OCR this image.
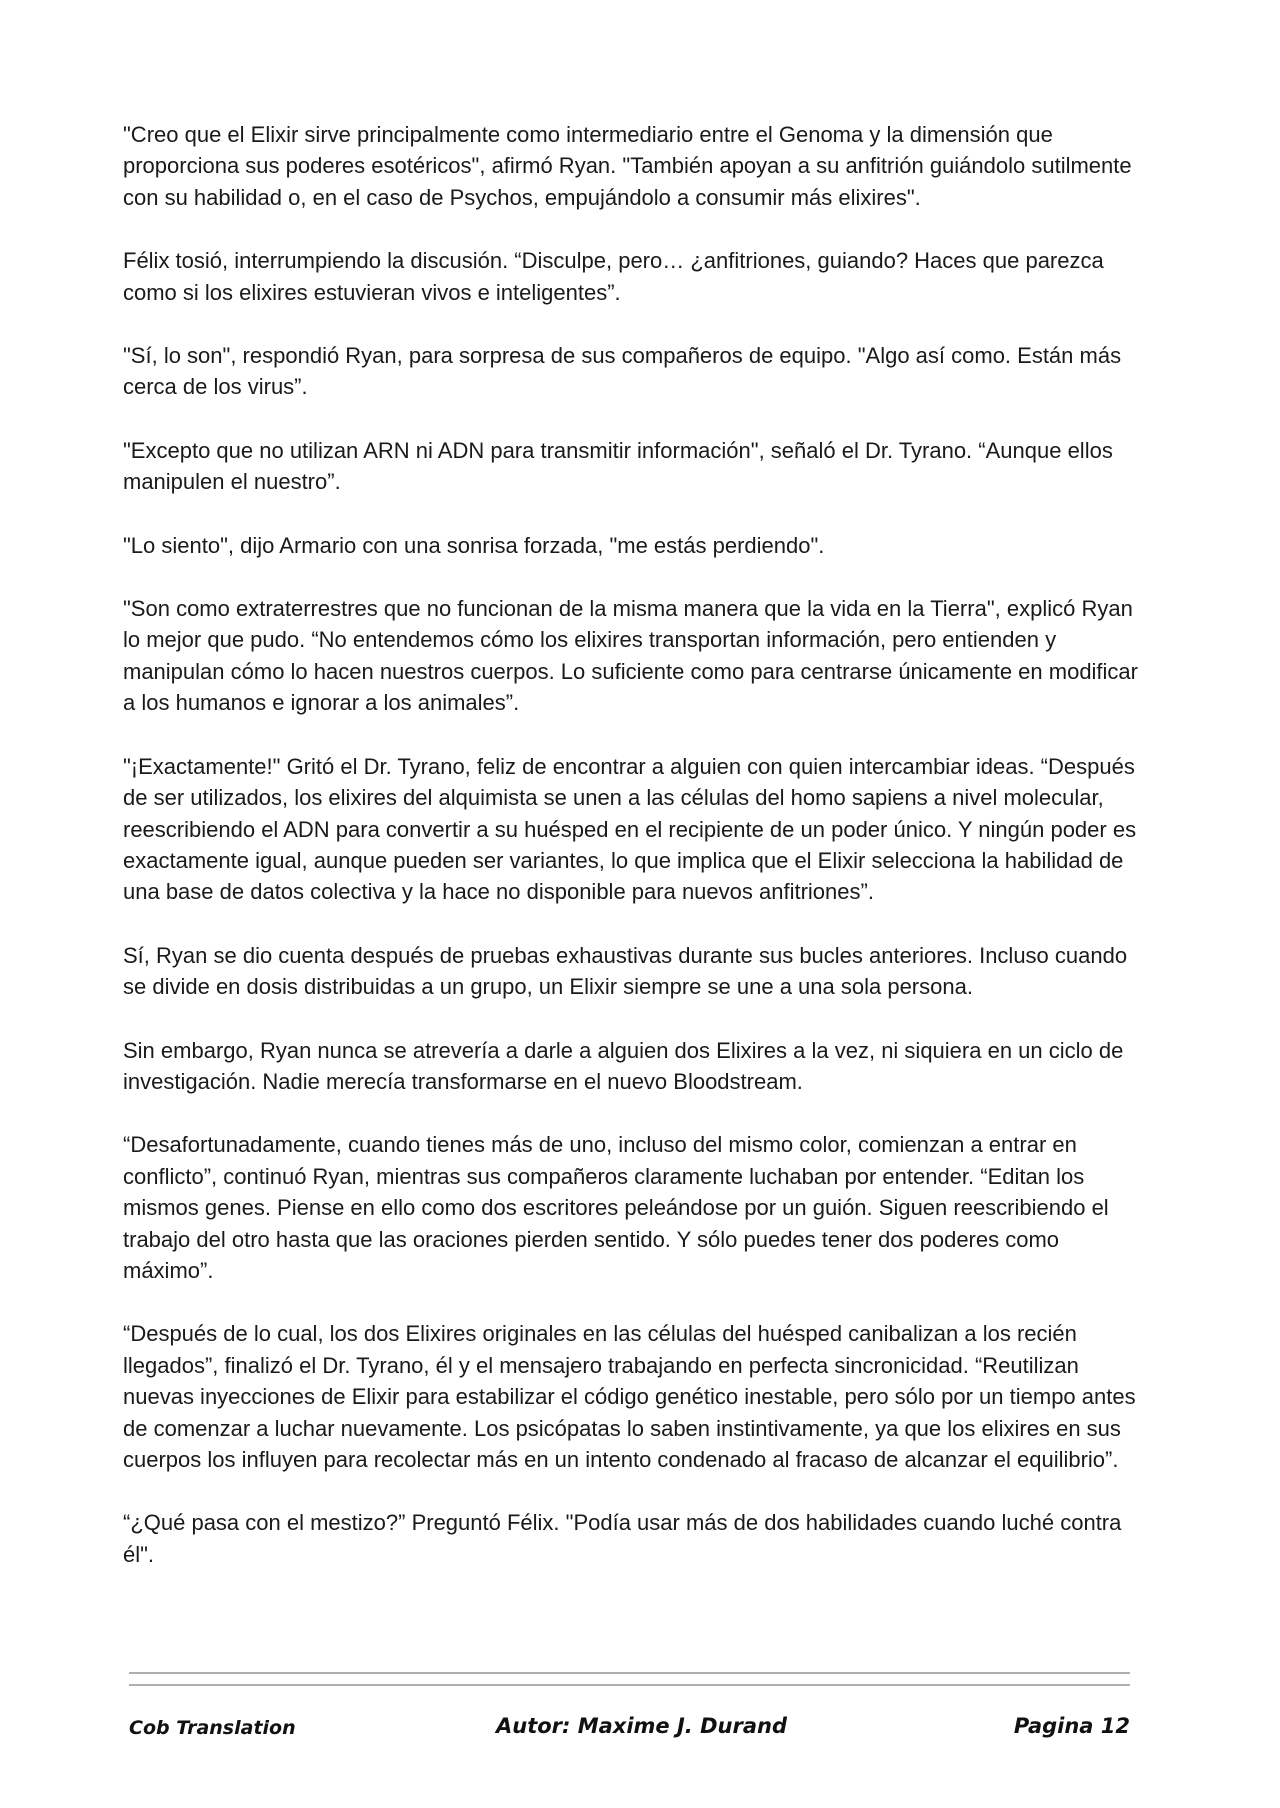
"Creo que el Elixir sirve principalmente como intermediario entre el Genoma y la dimensión que proporciona sus poderes esotéricos", afirmó Ryan. "También apoyan a su anfitrión guiándolo sutilmente con su habilidad o, en el caso de Psychos, empujándolo a consumir más elixires".

Félix tosió, interrumpiendo la discusión. “Disculpe, pero… ¿anfitriones, guiando? Haces que parezca como si los elixires estuvieran vivos e inteligentes”.

"Sí, lo son", respondió Ryan, para sorpresa de sus compañeros de equipo. "Algo así como. Están más cerca de los virus”.

"Excepto que no utilizan ARN ni ADN para transmitir información", señaló el Dr. Tyrano. “Aunque ellos manipulen el nuestro”.

"Lo siento", dijo Armario con una sonrisa forzada, "me estás perdiendo".

"Son como extraterrestres que no funcionan de la misma manera que la vida en la Tierra", explicó Ryan lo mejor que pudo. “No entendemos cómo los elixires transportan información, pero entienden y manipulan cómo lo hacen nuestros cuerpos. Lo suficiente como para centrarse únicamente en modificar a los humanos e ignorar a los animales”.

"¡Exactamente!" Gritó el Dr. Tyrano, feliz de encontrar a alguien con quien intercambiar ideas. “Después de ser utilizados, los elixires del alquimista se unen a las células del homo sapiens a nivel molecular, reescribiendo el ADN para convertir a su huésped en el recipiente de un poder único. Y ningún poder es exactamente igual, aunque pueden ser variantes, lo que implica que el Elixir selecciona la habilidad de una base de datos colectiva y la hace no disponible para nuevos anfitriones”.

Sí, Ryan se dio cuenta después de pruebas exhaustivas durante sus bucles anteriores. Incluso cuando se divide en dosis distribuidas a un grupo, un Elixir siempre se une a una sola persona.

Sin embargo, Ryan nunca se atrevería a darle a alguien dos Elixires a la vez, ni siquiera en un ciclo de investigación. Nadie merecía transformarse en el nuevo Bloodstream.

“Desafortunadamente, cuando tienes más de uno, incluso del mismo color, comienzan a entrar en conflicto”, continuó Ryan, mientras sus compañeros claramente luchaban por entender. “Editan los mismos genes. Piense en ello como dos escritores peleándose por un guión. Siguen reescribiendo el trabajo del otro hasta que las oraciones pierden sentido. Y sólo puedes tener dos poderes como máximo”.

“Después de lo cual, los dos Elixires originales en las células del huésped canibalizan a los recién llegados”, finalizó el Dr. Tyrano, él y el mensajero trabajando en perfecta sincronicidad. “Reutilizan nuevas inyecciones de Elixir para estabilizar el código genético inestable, pero sólo por un tiempo antes de comenzar a luchar nuevamente. Los psicópatas lo saben instintivamente, ya que los elixires en sus cuerpos los influyen para recolectar más en un intento condenado al fracaso de alcanzar el equilibrio”.

“¿Qué pasa con el mestizo?” Preguntó Félix. "Podía usar más de dos habilidades cuando luché contra él".

Cob Translation	Autor: Maxime J. Durand	Pagina 12
